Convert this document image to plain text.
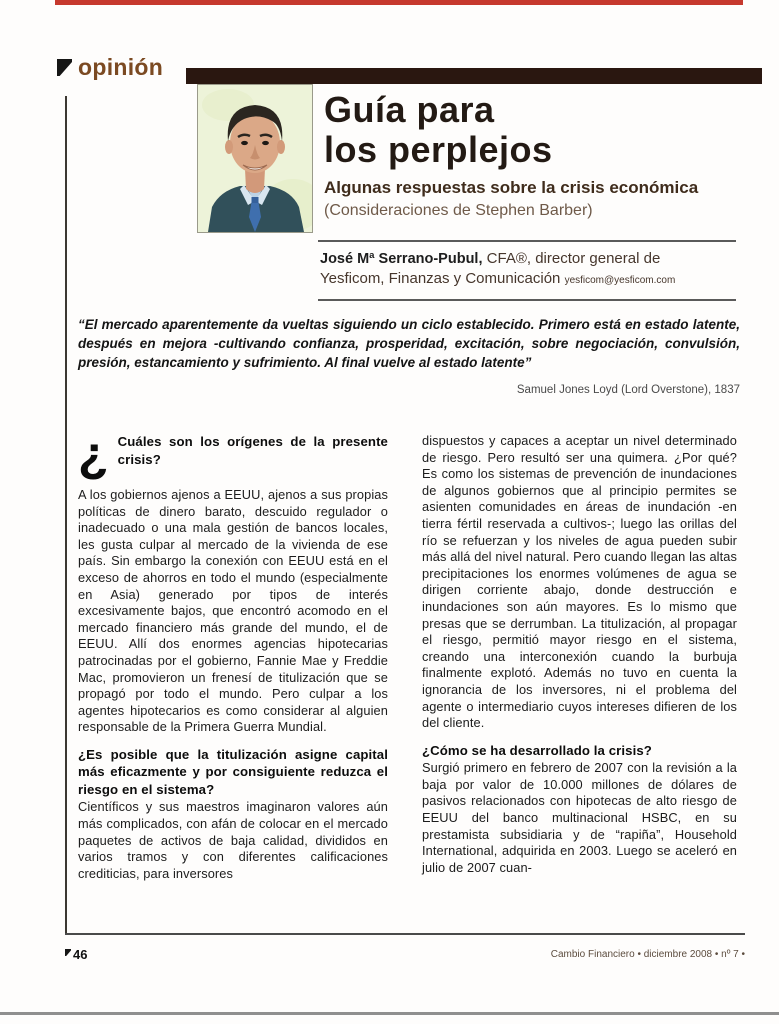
opinión
Guía para
los perplejos
Algunas respuestas sobre la crisis económica
(Consideraciones de Stephen Barber)
José Mª Serrano-Pubul, CFA®, director general de
Yesficom, Finanzas y Comunicación yesficom@yesficom.com
“El mercado aparentemente da vueltas siguiendo un ciclo establecido. Primero está en estado latente, después en mejora -cultivando confianza, prosperidad, excitación, sobre negociación, convulsión, presión, estancamiento y sufrimiento. Al final vuelve al estado latente”
Samuel Jones Loyd (Lord Overstone), 1837
¿ Cuáles son los orígenes de la presente crisis?
A los gobiernos ajenos a EEUU, ajenos a sus propias políticas de dinero barato, descuido regulador o inadecuado o una mala gestión de bancos locales, les gusta culpar al mercado de la vivienda de ese país. Sin embargo la conexión con EEUU está en el exceso de ahorros en todo el mundo (especialmente en Asia) generado por tipos de interés excesivamente bajos, que encontró acomodo en el mercado financiero más grande del mundo, el de EEUU. Allí dos enormes agencias hipotecarias patrocinadas por el gobierno, Fannie Mae y Freddie Mac, promovieron un frenesí de titulización que se propagó por todo el mundo. Pero culpar a los agentes hipotecarios es como considerar al alguien responsable de la Primera Guerra Mundial.
¿Es posible que la titulización asigne capital más eficazmente y por consiguiente reduzca el riesgo en el sistema?
Científicos y sus maestros imaginaron valores aún más complicados, con afán de colocar en el mercado paquetes de activos de baja calidad, divididos en varios tramos y con diferentes calificaciones crediticias, para inversores
dispuestos y capaces a aceptar un nivel determinado de riesgo. Pero resultó ser una quimera. ¿Por qué? Es como los sistemas de prevención de inundaciones de algunos gobiernos que al principio permites se asienten comunidades en áreas de inundación -en tierra fértil reservada a cultivos-; luego las orillas del río se refuerzan y los niveles de agua pueden subir más allá del nivel natural. Pero cuando llegan las altas precipitaciones los enormes volúmenes de agua se dirigen corriente abajo, donde destrucción e inundaciones son aún mayores. Es lo mismo que presas que se derrumban. La titulización, al propagar el riesgo, permitió mayor riesgo en el sistema, creando una interconexión cuando la burbuja finalmente explotó. Además no tuvo en cuenta la ignorancia de los inversores, ni el problema del agente o intermediario cuyos intereses difieren de los del cliente.
¿Cómo se ha desarrollado la crisis?
Surgió primero en febrero de 2007 con la revisión a la baja por valor de 10.000 millones de dólares de pasivos relacionados con hipotecas de alto riesgo de EEUU del banco multinacional HSBC, en su prestamista subsidiaria y de “rapiña”, Household International, adquirida en 2003. Luego se aceleró en julio de 2007 cuan-
46	Cambio Financiero • diciembre 2008 • nº 7 •
